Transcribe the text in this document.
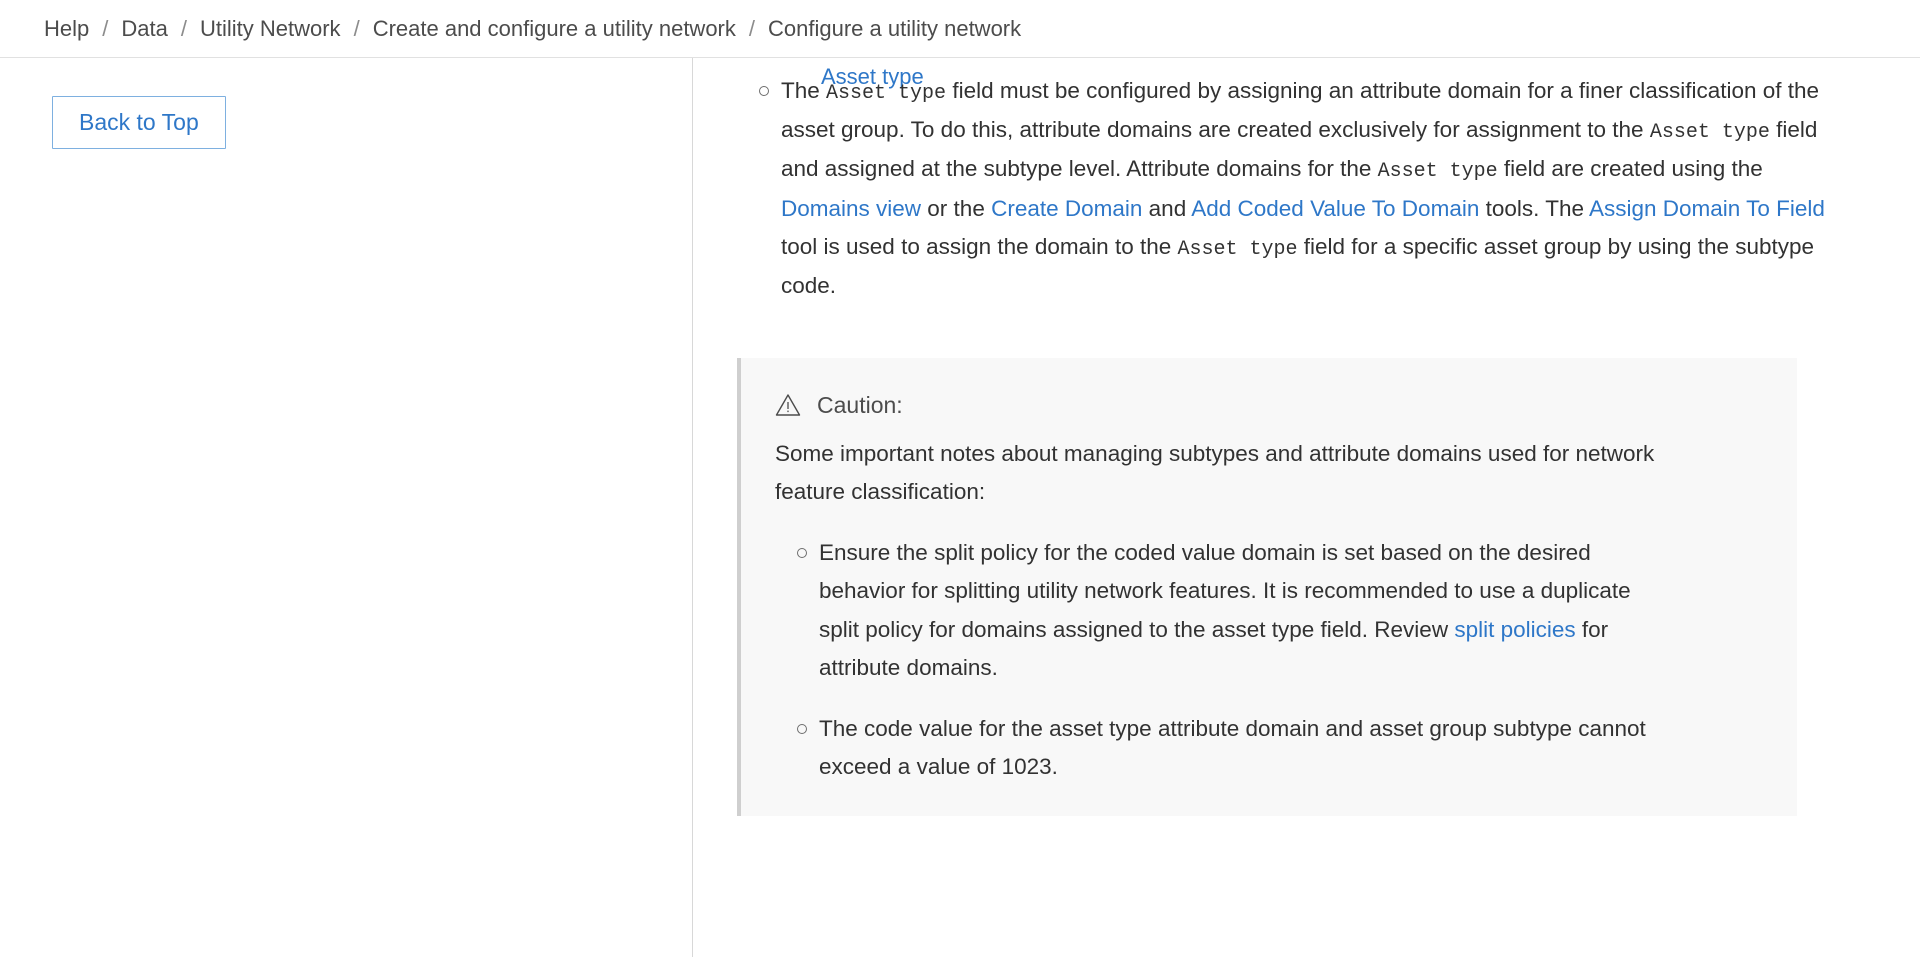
Help / Data / Utility Network / Create and configure a utility network / Configure a utility network
Back to Top
Asset type
The Asset type field must be configured by assigning an attribute domain for a finer classification of the asset group. To do this, attribute domains are created exclusively for assignment to the Asset type field and assigned at the subtype level. Attribute domains for the Asset type field are created using the Domains view or the Create Domain and Add Coded Value To Domain tools. The Assign Domain To Field tool is used to assign the domain to the Asset type field for a specific asset group by using the subtype code.
Caution:

Some important notes about managing subtypes and attribute domains used for network feature classification:

Ensure the split policy for the coded value domain is set based on the desired behavior for splitting utility network features. It is recommended to use a duplicate split policy for domains assigned to the asset type field. Review split policies for attribute domains.
The code value for the asset type attribute domain and asset group subtype cannot exceed a value of 1023.
